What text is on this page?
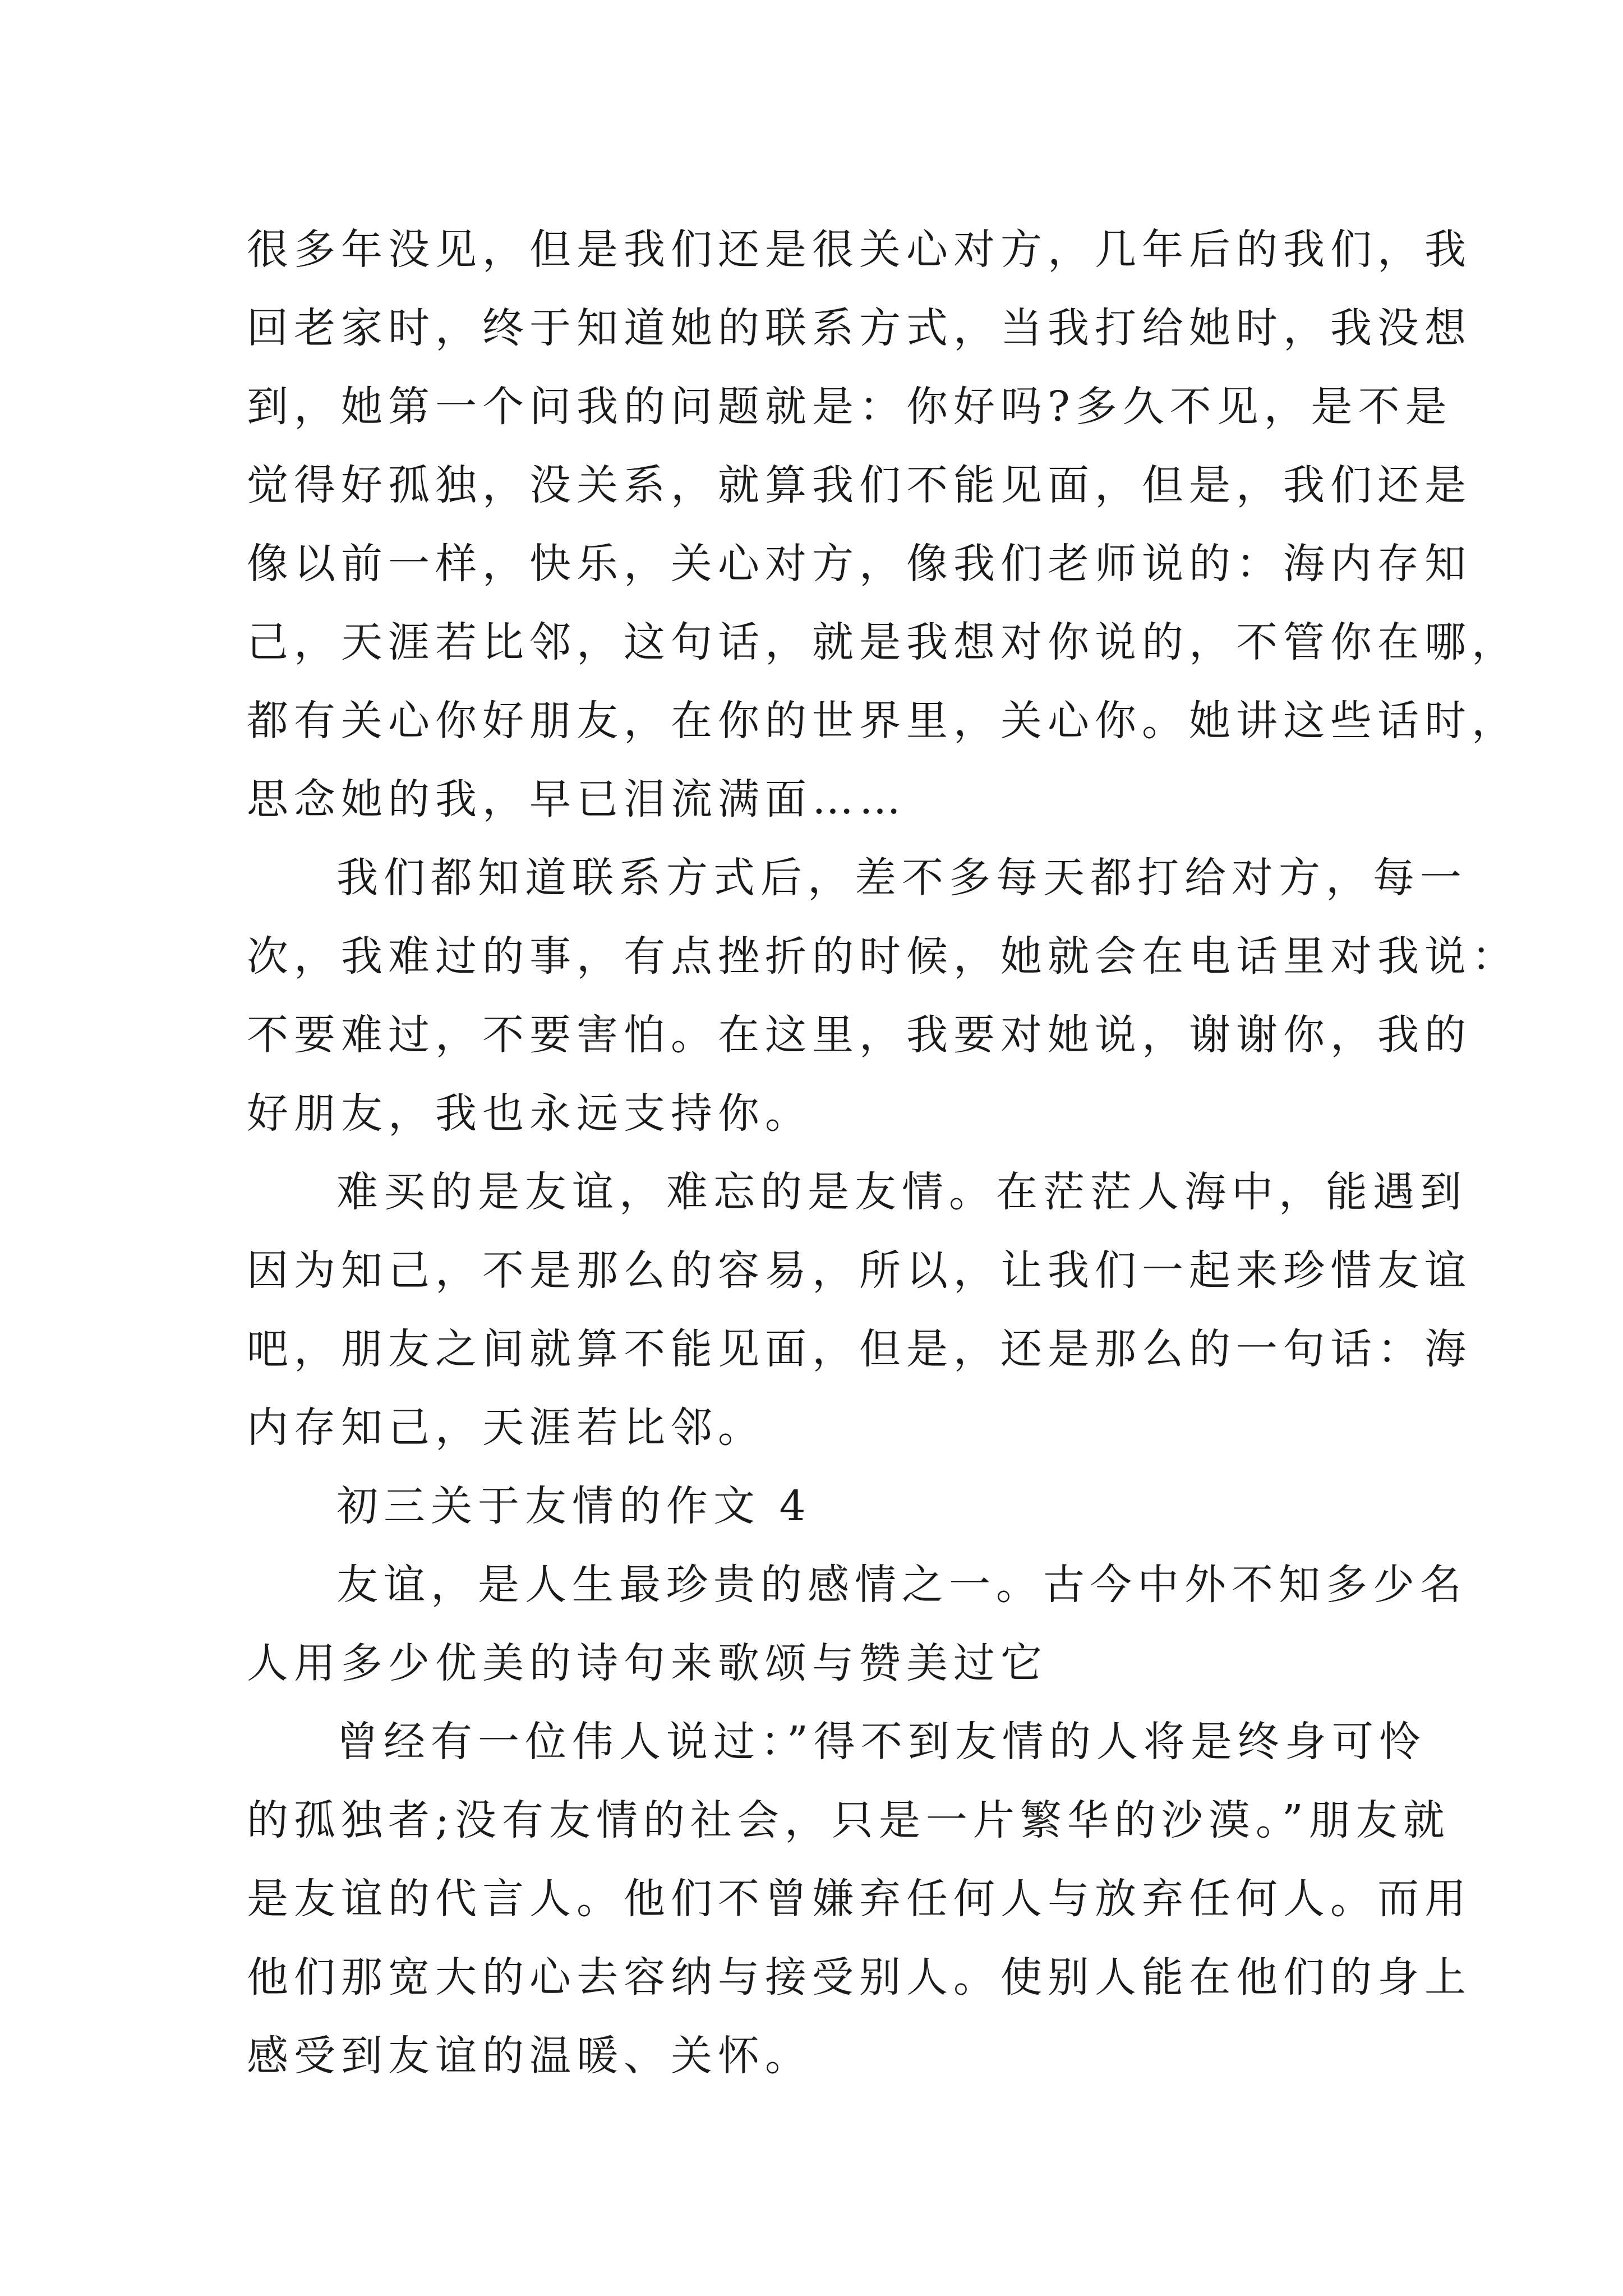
很多年没见，但是我们还是很关心对方，几年后的我们，我
回老家时，终于知道她的联系方式，当我打给她时，我没想
到，她第一个问我的问题就是：你好吗?多久不见，是不是
觉得好孤独，没关系，就算我们不能见面，但是，我们还是
像以前一样，快乐，关心对方，像我们老师说的：海内存知
己，天涯若比邻，这句话，就是我想对你说的，不管你在哪，
都有关心你好朋友，在你的世界里，关心你。她讲这些话时，
思念她的我，早已泪流满面……
我们都知道联系方式后，差不多每天都打给对方，每一
次，我难过的事，有点挫折的时候，她就会在电话里对我说：
不要难过，不要害怕。在这里，我要对她说，谢谢你，我的
好朋友，我也永远支持你。
难买的是友谊，难忘的是友情。在茫茫人海中，能遇到
因为知己，不是那么的容易，所以，让我们一起来珍惜友谊
吧，朋友之间就算不能见面，但是，还是那么的一句话：海
内存知己，天涯若比邻。
初三关于友情的作文 4
友谊，是人生最珍贵的感情之一。古今中外不知多少名
人用多少优美的诗句来歌颂与赞美过它
曾经有一位伟人说过：”得不到友情的人将是终身可怜
的孤独者;没有友情的社会，只是一片繁华的沙漠。”朋友就
是友谊的代言人。他们不曾嫌弃任何人与放弃任何人。而用
他们那宽大的心去容纳与接受别人。使别人能在他们的身上
感受到友谊的温暖、关怀。
